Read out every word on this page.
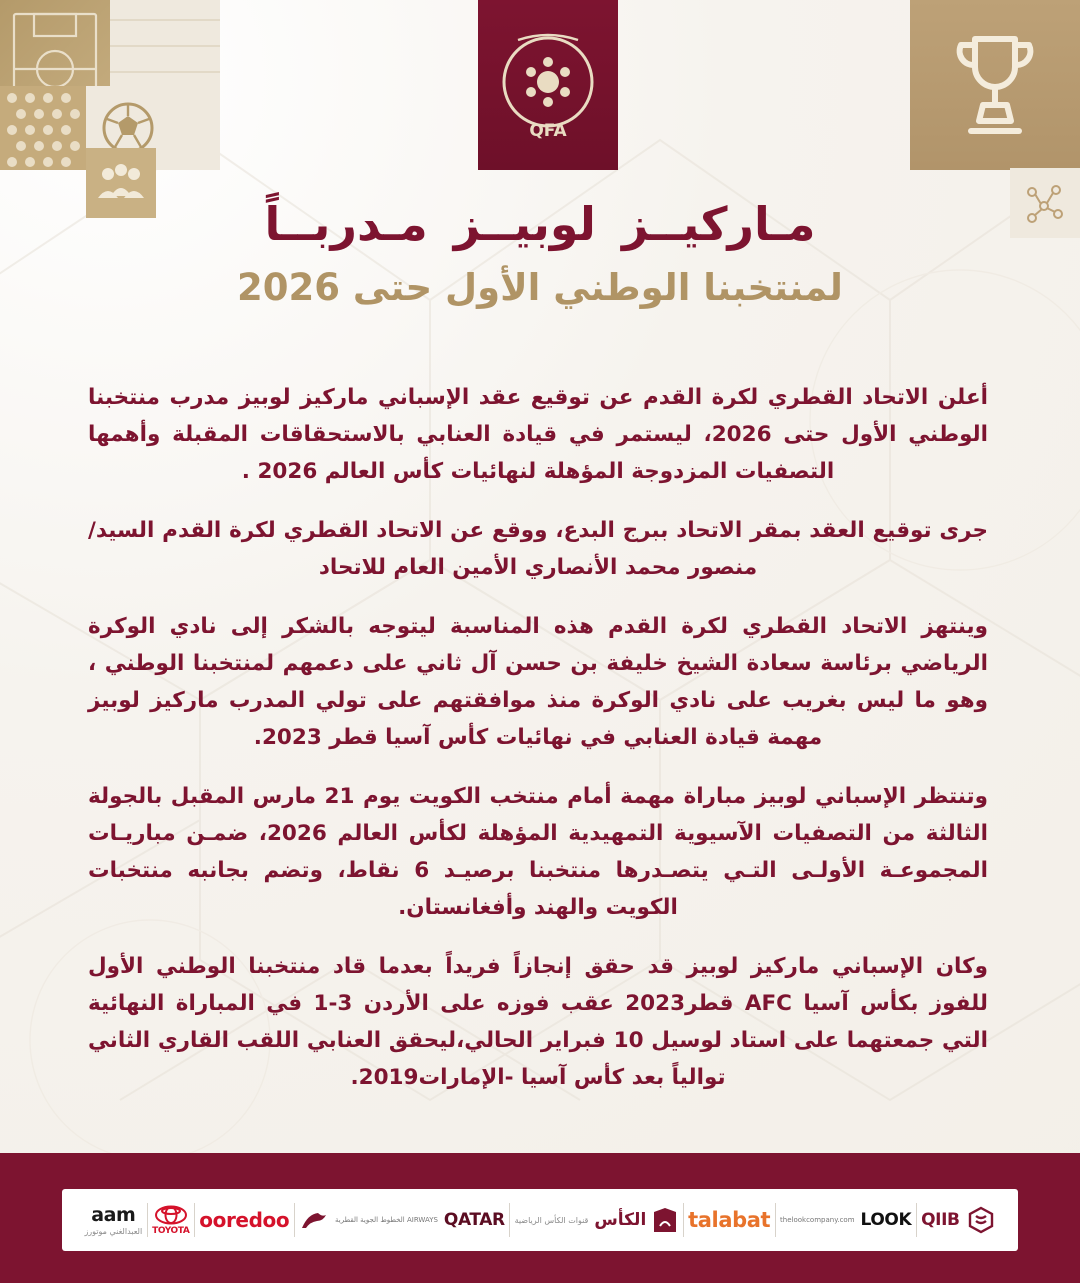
QFA
مـاركيــز لوبيــز مـدربــاً
لمنتخبنا الوطني الأول حتى 2026

أعلن الاتحاد القطري لكرة القدم عن توقيع عقد الإسباني ماركيز لوبيز مدرب منتخبنا الوطني الأول حتى 2026، ليستمر في قيادة العنابي بالاستحقاقات المقبلة وأهمها التصفيات المزدوجة المؤهلة لنهائيات كأس العالم 2026 .

جرى توقيع العقد بمقر الاتحاد ببرج البدع، ووقع عن الاتحاد القطري لكرة القدم السيد/منصور محمد الأنصاري الأمين العام للاتحاد

وينتهز الاتحاد القطري لكرة القدم هذه المناسبة ليتوجه بالشكر إلى نادي الوكرة الرياضي برئاسة سعادة الشيخ خليفة بن حسن آل ثاني على دعمهم لمنتخبنا الوطني ، وهو ما ليس بغريب على نادي الوكرة منذ موافقتهم على تولي المدرب ماركيز لوبيز مهمة قيادة العنابي في نهائيات كأس آسيا قطر 2023.

وتنتظر الإسباني لوبيز مباراة مهمة أمام منتخب الكويت يوم 21 مارس المقبل بالجولة الثالثة من التصفيات الآسيوية التمهيدية المؤهلة لكأس العالم 2026، ضمـن مباريـات المجموعـة الأولـى التـي يتصـدرها منتخبنا برصيـد 6 نقاط، وتضم بجانبه منتخبات الكويت والهند وأفغانستان.

وكان الإسباني ماركيز لوبيز قد حقق إنجازاً فريداً بعدما قاد منتخبنا الوطني الأول للفوز بكأس آسيا AFC قطر2023 عقب فوزه على الأردن 3-1 في المباراة النهائية التي جمعتهما على استاد لوسيل 10 فبراير الحالي،ليحقق العنابي اللقب القاري الثاني توالياً بعد كأس آسيا -الإمارات2019.

QIIB
LOOK
thelookcompany.com
talabat
الكأس
قنوات الكأس الرياضية
QATAR
AIRWAYS الخطوط الجوية القطرية
ooredoo
TOYOTA
aam
العبدالغني موتورز
